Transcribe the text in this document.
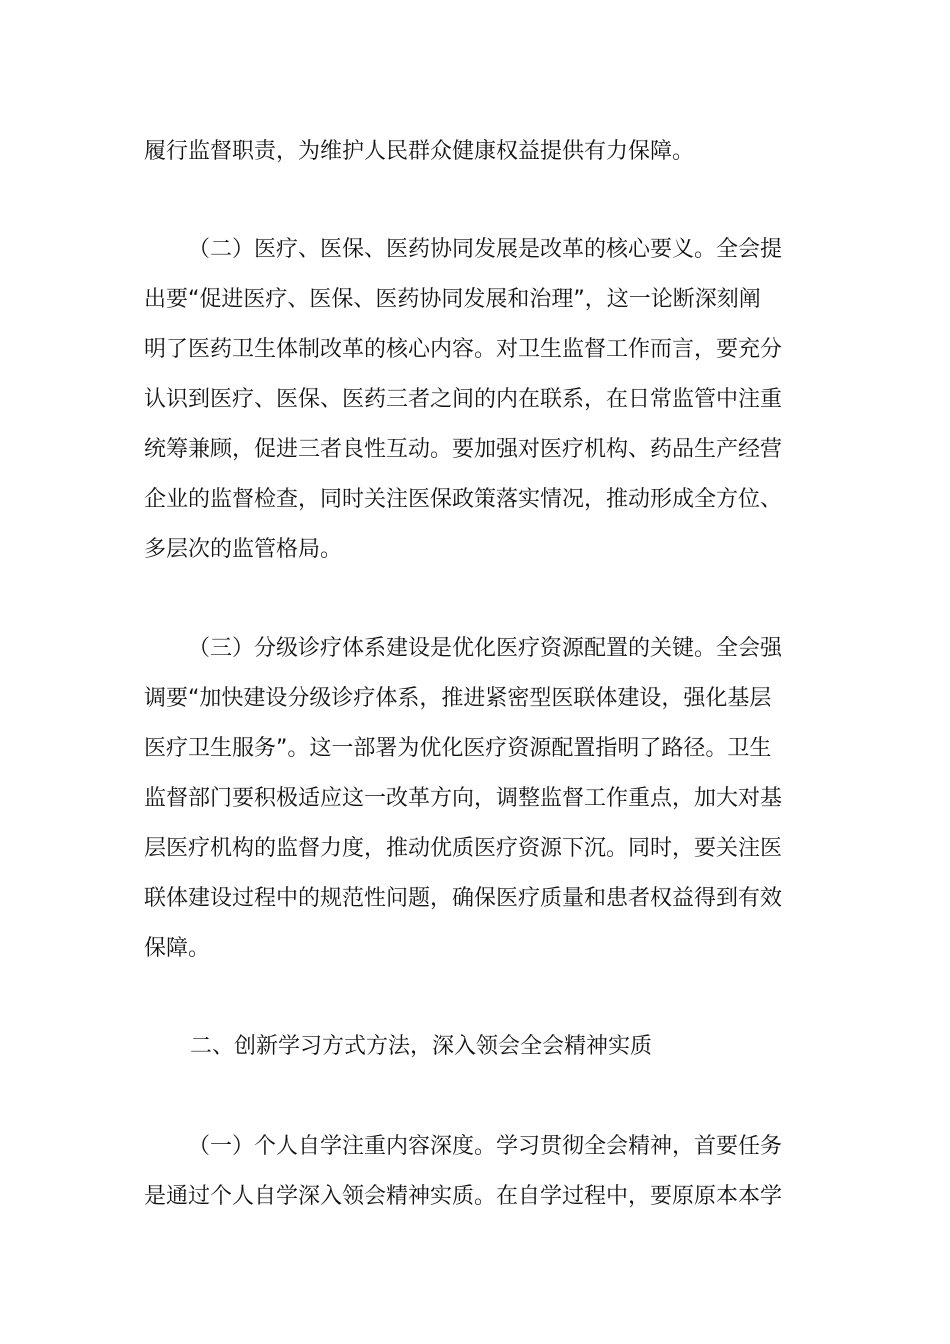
履行监督职责，为维护人民群众健康权益提供有力保障。
（二）医疗、医保、医药协同发展是改革的核心要义。全会提
出要“促进医疗、医保、医药协同发展和治理”，这一论断深刻阐
明了医药卫生体制改革的核心内容。对卫生监督工作而言，要充分
认识到医疗、医保、医药三者之间的内在联系，在日常监管中注重
统筹兼顾，促进三者良性互动。要加强对医疗机构、药品生产经营
企业的监督检查，同时关注医保政策落实情况，推动形成全方位、
多层次的监管格局。
（三）分级诊疗体系建设是优化医疗资源配置的关键。全会强
调要“加快建设分级诊疗体系，推进紧密型医联体建设，强化基层
医疗卫生服务”。这一部署为优化医疗资源配置指明了路径。卫生
监督部门要积极适应这一改革方向，调整监督工作重点，加大对基
层医疗机构的监督力度，推动优质医疗资源下沉。同时，要关注医
联体建设过程中的规范性问题，确保医疗质量和患者权益得到有效
保障。
二、创新学习方式方法，深入领会全会精神实质
（一）个人自学注重内容深度。学习贯彻全会精神，首要任务
是通过个人自学深入领会精神实质。在自学过程中，要原原本本学
